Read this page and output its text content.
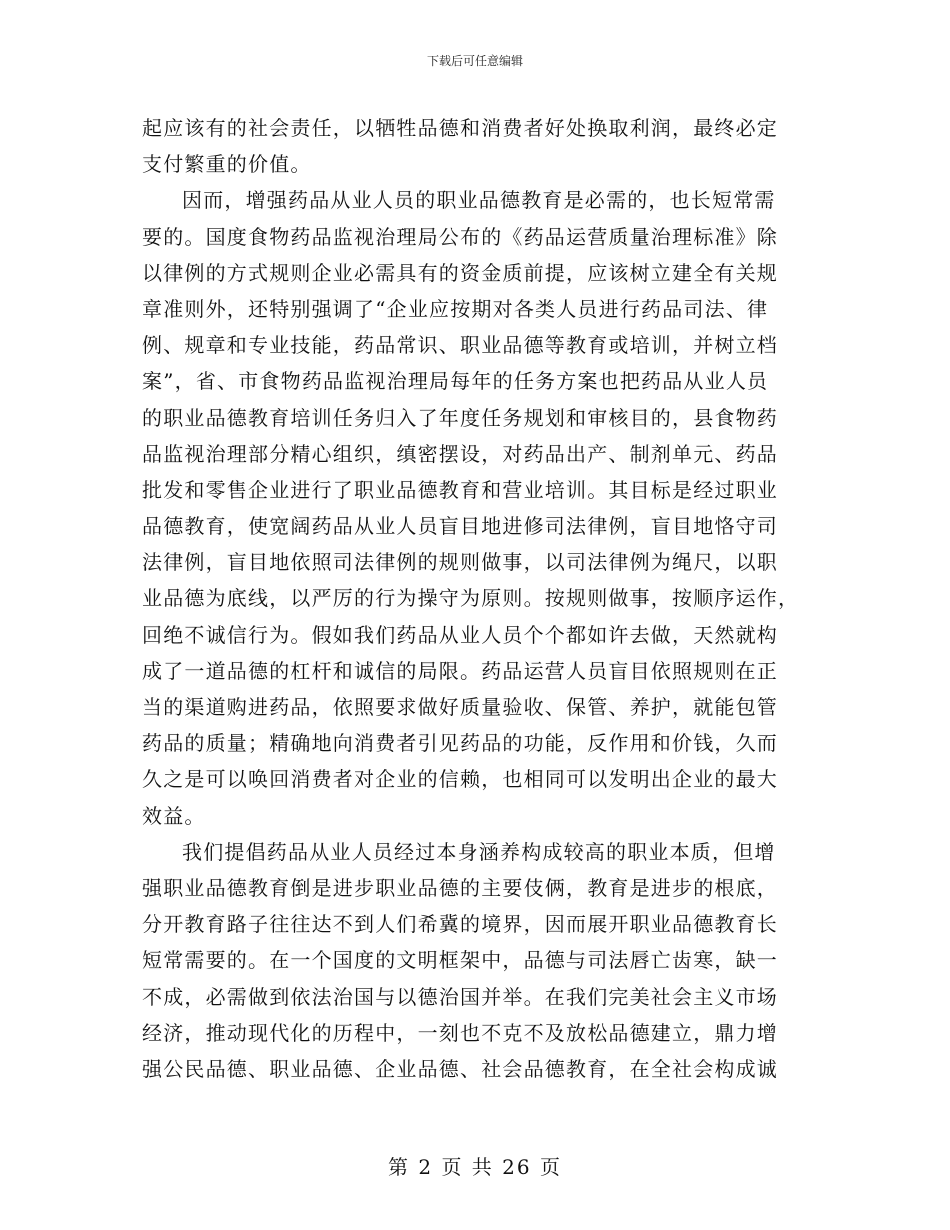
下载后可任意编辑
起应该有的社会责任，以牺牲品德和消费者好处换取利润，最终必定
支付繁重的价值。
因而，增强药品从业人员的职业品德教育是必需的，也长短常需
要的。国度食物药品监视治理局公布的《药品运营质量治理标准》除
以律例的方式规则企业必需具有的资金质前提，应该树立建全有关规
章准则外，还特别强调了“企业应按期对各类人员进行药品司法、律
例、规章和专业技能，药品常识、职业品德等教育或培训，并树立档
案”，省、市食物药品监视治理局每年的任务方案也把药品从业人员
的职业品德教育培训任务归入了年度任务规划和审核目的，县食物药
品监视治理部分精心组织，缜密摆设，对药品出产、制剂单元、药品
批发和零售企业进行了职业品德教育和营业培训。其目标是经过职业
品德教育，使宽阔药品从业人员盲目地进修司法律例，盲目地恪守司
法律例，盲目地依照司法律例的规则做事，以司法律例为绳尺，以职
业品德为底线，以严厉的行为操守为原则。按规则做事，按顺序运作，
回绝不诚信行为。假如我们药品从业人员个个都如许去做，天然就构
成了一道品德的杠杆和诚信的局限。药品运营人员盲目依照规则在正
当的渠道购进药品，依照要求做好质量验收、保管、养护，就能包管
药品的质量；精确地向消费者引见药品的功能，反作用和价钱，久而
久之是可以唤回消费者对企业的信赖，也相同可以发明出企业的最大
效益。
我们提倡药品从业人员经过本身涵养构成较高的职业本质，但增
强职业品德教育倒是进步职业品德的主要伎俩，教育是进步的根底，
分开教育路子往往达不到人们希冀的境界，因而展开职业品德教育长
短常需要的。在一个国度的文明框架中，品德与司法唇亡齿寒，缺一
不成，必需做到依法治国与以德治国并举。在我们完美社会主义市场
经济，推动现代化的历程中，一刻也不克不及放松品德建立，鼎力增
强公民品德、职业品德、企业品德、社会品德教育，在全社会构成诚
第 2 页 共 26 页
